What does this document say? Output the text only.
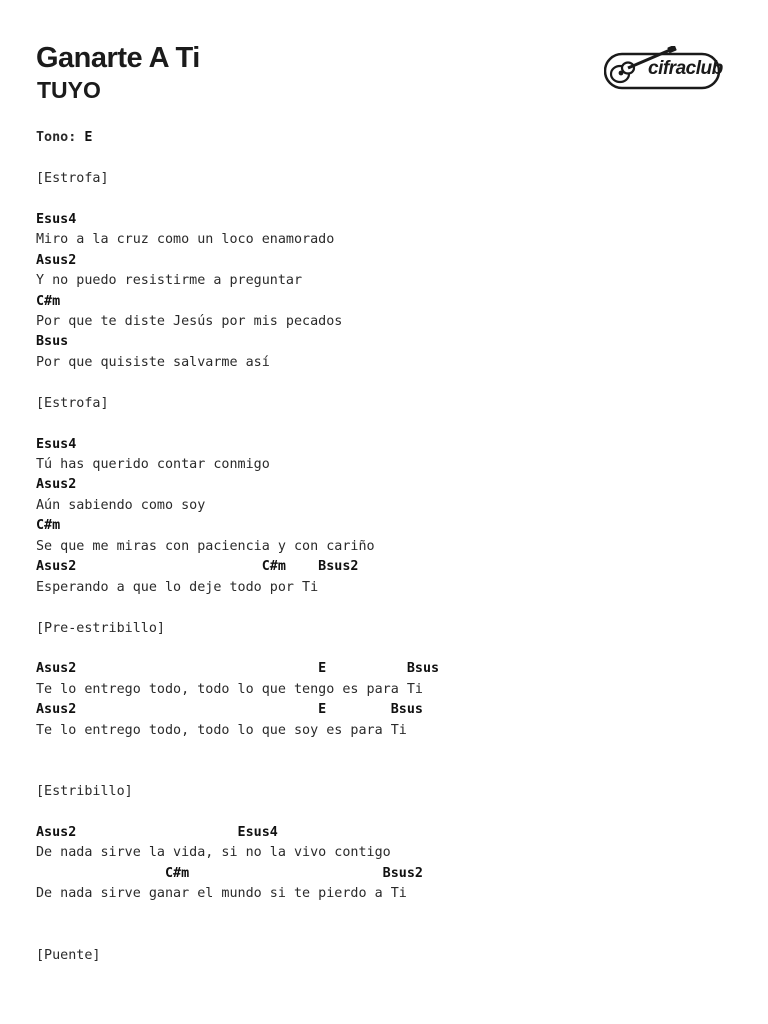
Ganarte A Ti
TUYO
cifraclub
Tono: E
[Estrofa]
Esus4
Miro a la cruz como un loco enamorado
Asus2
Y no puedo resistirme a preguntar
C#m
Por que te diste Jesús por mis pecados
Bsus
Por que quisiste salvarme así
[Estrofa]
Esus4
Tú has querido contar conmigo
Asus2
Aún sabiendo como soy
C#m
Se que me miras con paciencia y con cariño
Asus2                       C#m    Bsus2
Esperando a que lo deje todo por Ti
[Pre-estribillo]
Asus2                              E          Bsus
Te lo entrego todo, todo lo que tengo es para Ti
Asus2                              E        Bsus
Te lo entrego todo, todo lo que soy es para Ti
[Estribillo]
Asus2                    Esus4
De nada sirve la vida, si no la vivo contigo
C#m                        Bsus2
De nada sirve ganar el mundo si te pierdo a Ti
[Puente]
